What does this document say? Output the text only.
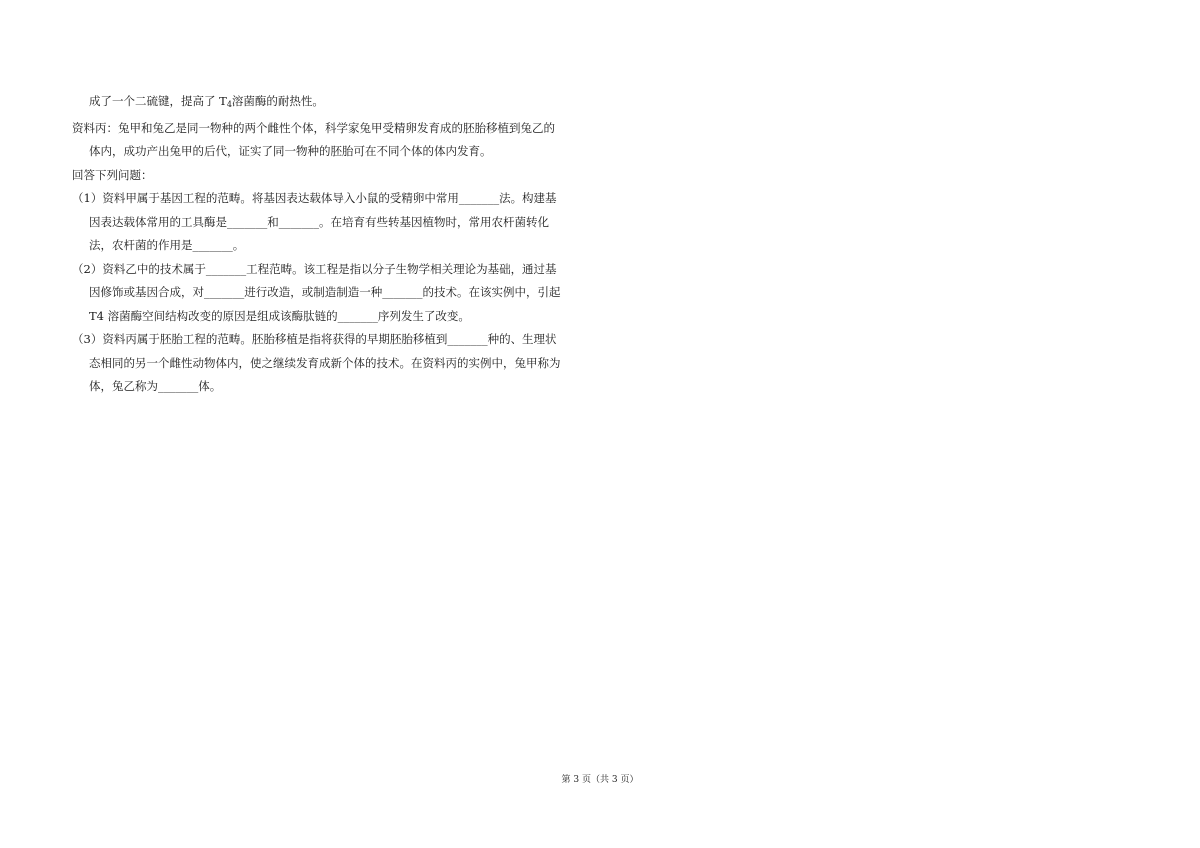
成了一个二硫键，提高了 $T_4$溶菌酶的耐热性。
资料丙：兔甲和兔乙是同一物种的两个雌性个体，科学家兔甲受精卵发育成的胚胎移植到兔乙的
体内，成功产出兔甲的后代，证实了同一物种的胚胎可在不同个体的体内发育。
回答下列问题：
（1）资料甲属于基因工程的范畴。将基因表达载体导入小鼠的受精卵中常用_______法。构建基
因表达载体常用的工具酶是_______和_______。在培育有些转基因植物时，常用农杆菌转化
法，农杆菌的作用是_______。
（2）资料乙中的技术属于_______工程范畴。该工程是指以分子生物学相关理论为基础，通过基
因修饰或基因合成，对_______进行改造，或制造制造一种_______的技术。在该实例中，引起
T4 溶菌酶空间结构改变的原因是组成该酶肽链的_______序列发生了改变。
（3）资料丙属于胚胎工程的范畴。胚胎移植是指将获得的早期胚胎移植到_______种的、生理状
态相同的另一个雌性动物体内，使之继续发育成新个体的技术。在资料丙的实例中，兔甲称为
体，兔乙称为_______体。
第 3 页（共 3 页）
